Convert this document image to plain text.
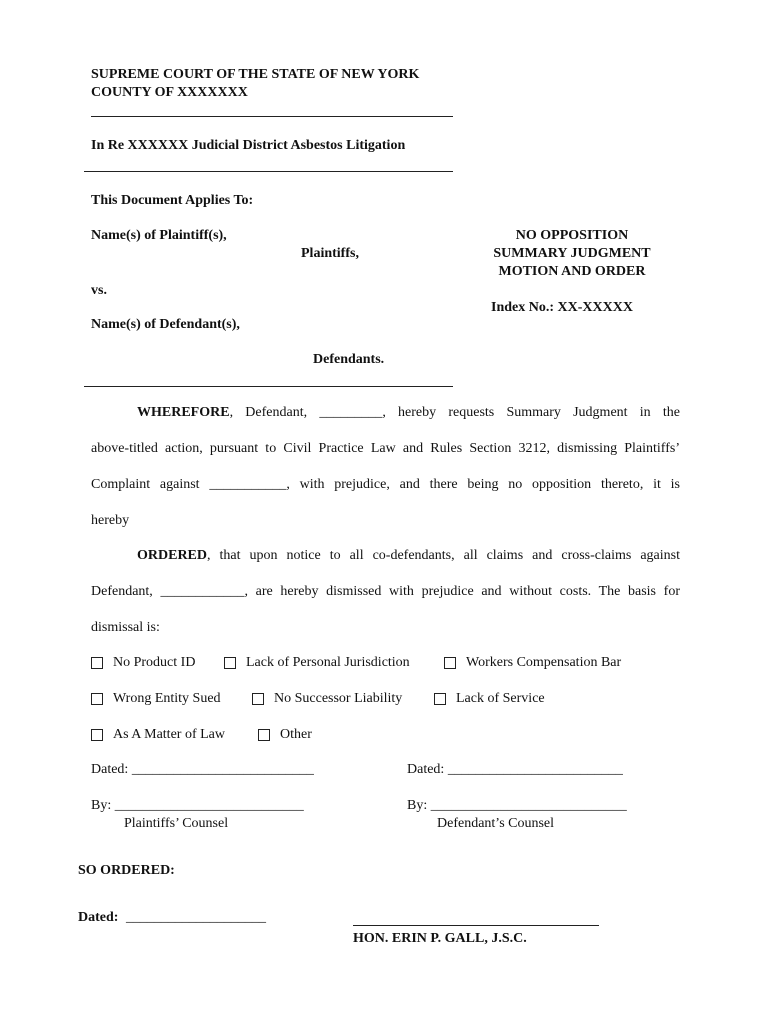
SUPREME COURT OF THE STATE OF NEW YORK
COUNTY OF XXXXXXX
In Re XXXXXX Judicial District Asbestos Litigation
This Document Applies To:
Name(s) of Plaintiff(s),
Plaintiffs,
vs.
Name(s) of Defendant(s),
Defendants.
NO OPPOSITION
SUMMARY JUDGMENT
MOTION AND ORDER
Index No.: XX-XXXXX
WHEREFORE , Defendant, _________, hereby requests Summary Judgment in the
above-titled action, pursuant to Civil Practice Law and Rules Section 3212, dismissing Plaintiffs’
Complaint against ___________, with prejudice, and there being no opposition thereto, it is
hereby
ORDERED , that upon notice to all co-defendants, all claims and cross-claims against
Defendant, ____________, are hereby dismissed with prejudice and without costs. The basis for
dismissal is:
No Product ID	Lack of Personal Jurisdiction	Workers Compensation Bar
Wrong Entity Sued	No Successor Liability	Lack of Service
As A Matter of Law	Other
Dated: __________________________	Dated: _________________________
By: ___________________________	By: ____________________________
Plaintiffs’ Counsel	Defendant’s Counsel
SO ORDERED:
Dated: ____________________
HON. ERIN P. GALL, J.S.C.
